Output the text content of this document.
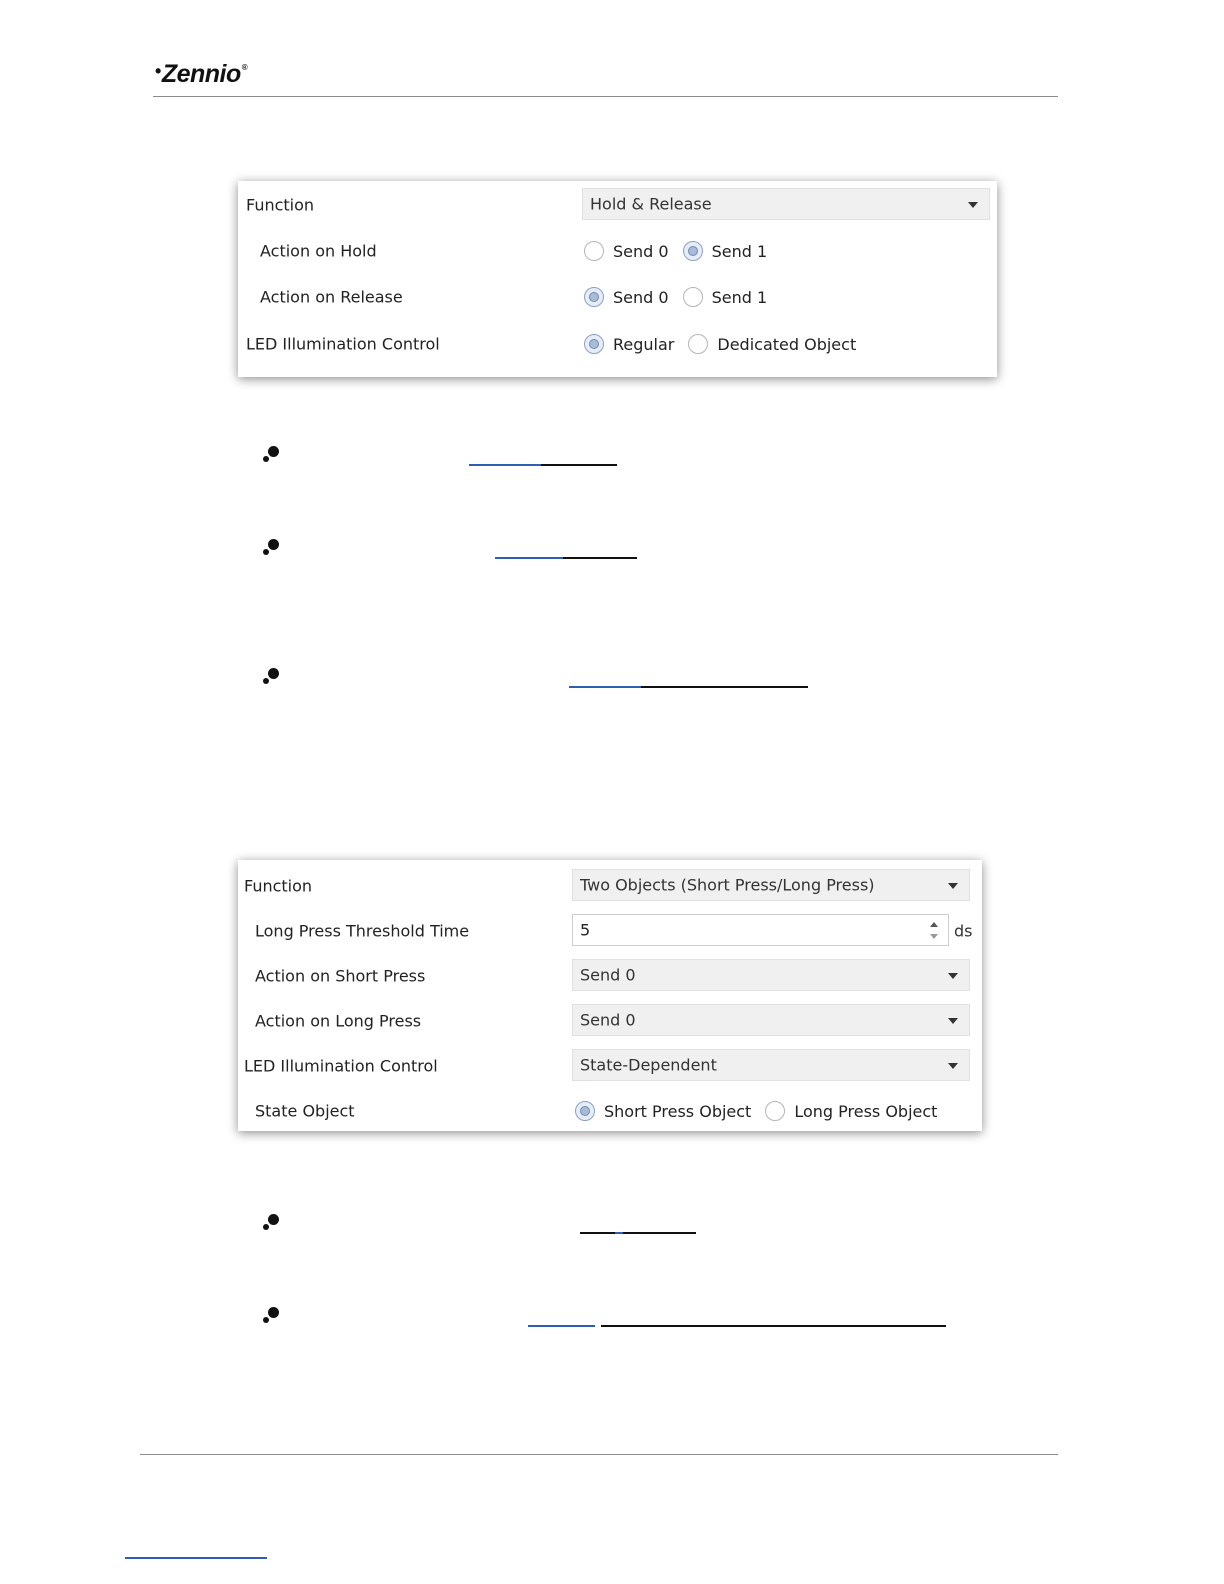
•Zennio®
Function	Hold & Release
Action on Hold	Send 0	Send 1
Action on Release	Send 0	Send 1
LED Illumination Control	Regular	Dedicated Object
Function	Two Objects (Short Press/Long Press)
Long Press Threshold Time	5	ds
Action on Short Press	Send 0
Action on Long Press	Send 0
LED Illumination Control	State-Dependent
State Object	Short Press Object	Long Press Object
